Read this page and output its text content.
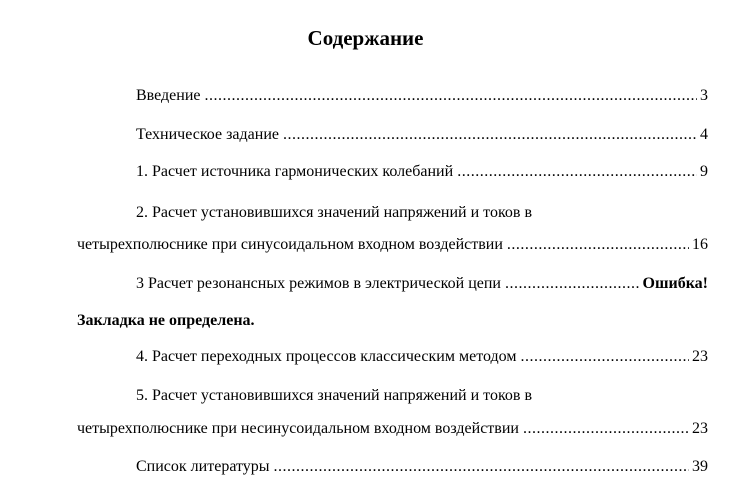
Содержание
Введение .....	3
Техническое задание .....	4
1. Расчет источника гармонических колебаний .....	9
2. Расчет установившихся значений напряжений и токов в
четырехполюснике при синусоидальном входном воздействии .....	16
3 Расчет резонансных режимов в электрической цепи .....	Ошибка!
Закладка не определена.
4. Расчет переходных процессов классическим методом .....	23
5. Расчет установившихся значений напряжений и токов в
четырехполюснике при несинусоидальном входном воздействии .....	23
Список литературы .....	39
